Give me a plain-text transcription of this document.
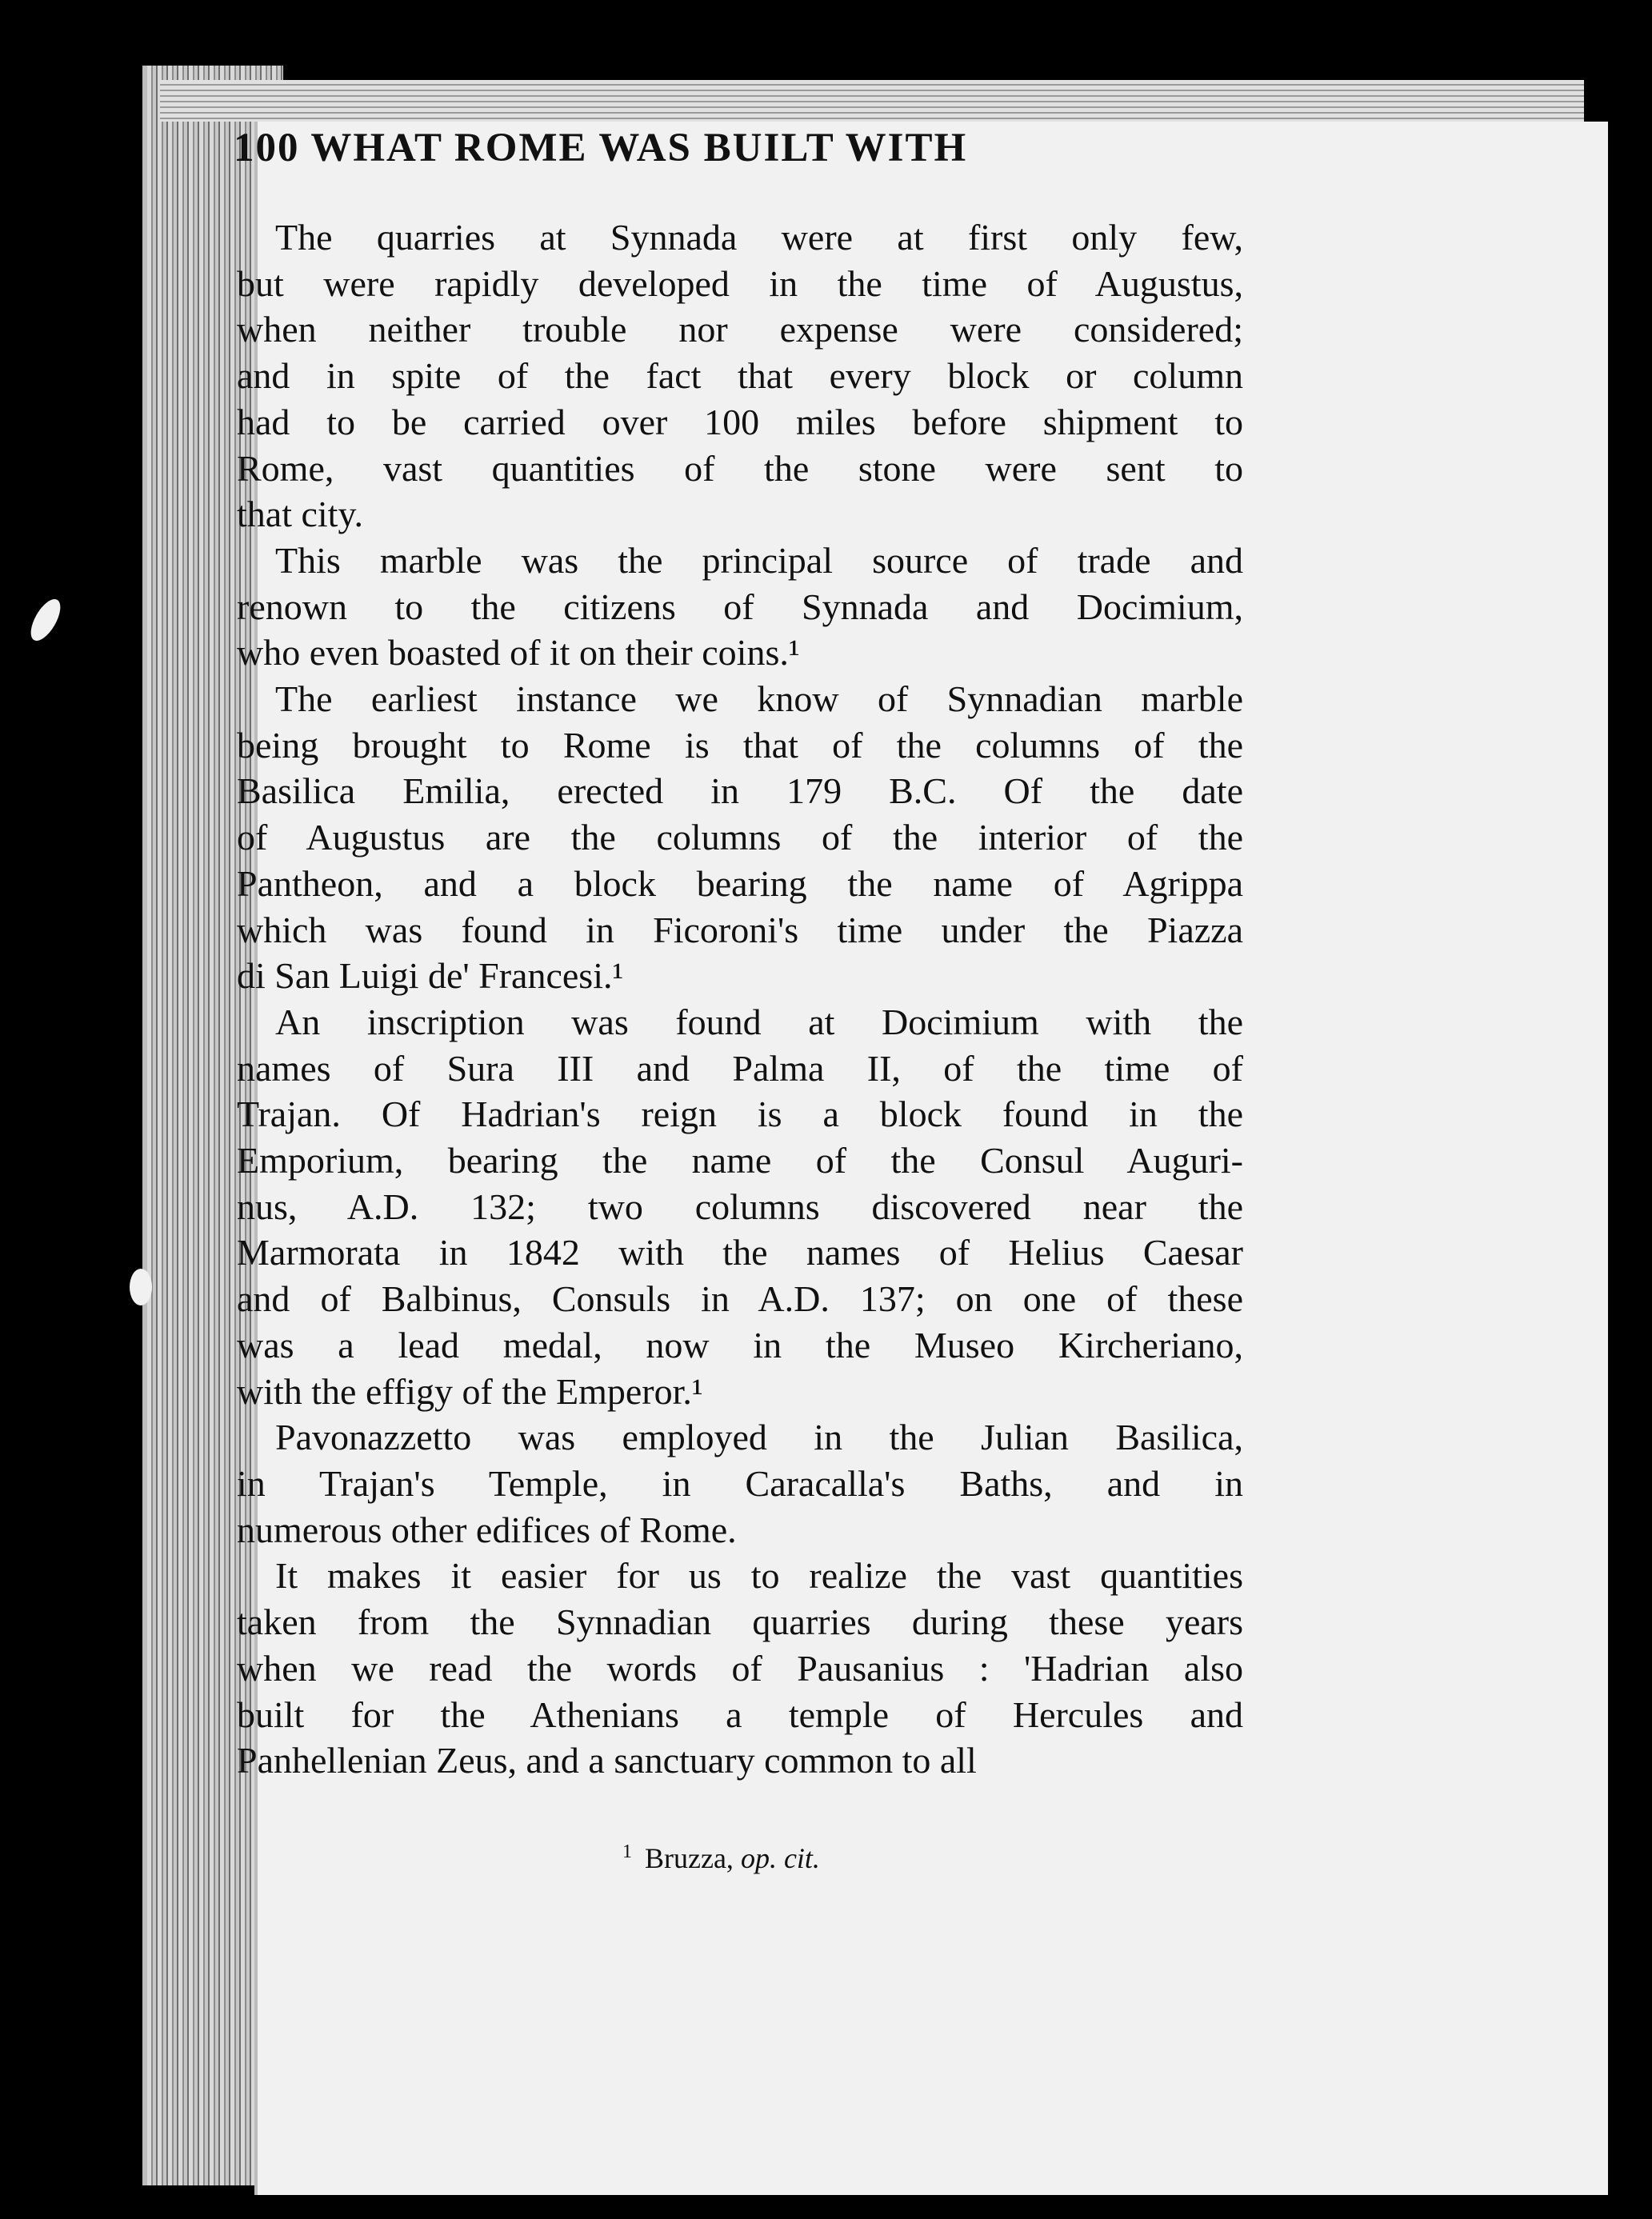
100 WHAT ROME WAS BUILT WITH

The quarries at Synnada were at first only few,
but were rapidly developed in the time of Augustus,
when neither trouble nor expense were considered;
and in spite of the fact that every block or column
had to be carried over 100 miles before shipment to
Rome, vast quantities of the stone were sent to
that city.

This marble was the principal source of trade and
renown to the citizens of Synnada and Docimium,
who even boasted of it on their coins.¹

The earliest instance we know of Synnadian marble
being brought to Rome is that of the columns of the
Basilica Emilia, erected in 179 B.C. Of the date
of Augustus are the columns of the interior of the
Pantheon, and a block bearing the name of Agrippa
which was found in Ficoroni's time under the Piazza
di San Luigi de' Francesi.¹

An inscription was found at Docimium with the
names of Sura III and Palma II, of the time of
Trajan. Of Hadrian's reign is a block found in the
Emporium, bearing the name of the Consul Auguri-
nus, A.D. 132; two columns discovered near the
Marmorata in 1842 with the names of Helius Caesar
and of Balbinus, Consuls in A.D. 137; on one of these
was a lead medal, now in the Museo Kircheriano,
with the effigy of the Emperor.¹

Pavonazzetto was employed in the Julian Basilica,
in Trajan's Temple, in Caracalla's Baths, and in
numerous other edifices of Rome.

It makes it easier for us to realize the vast quantities
taken from the Synnadian quarries during these years
when we read the words of Pausanius : 'Hadrian also
built for the Athenians a temple of Hercules and
Panhellenian Zeus, and a sanctuary common to all

$^1$ Bruzza, op. cit.
